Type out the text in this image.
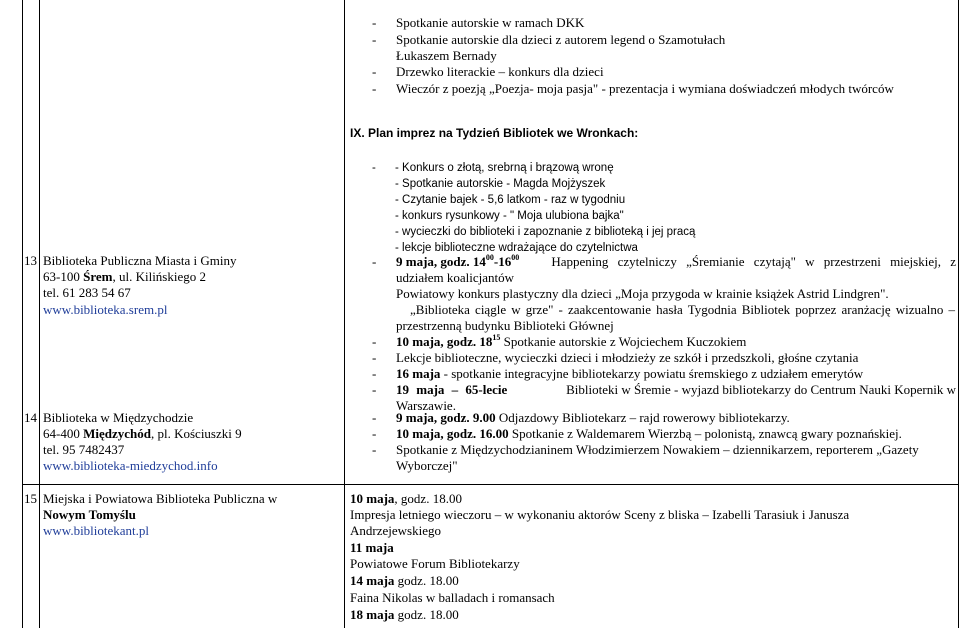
- Spotkanie autorskie w ramach DKK
- Spotkanie autorskie dla dzieci z autorem legend o Szamotułach
Łukaszem Bernady
- Drzewko literackie – konkurs dla dzieci
- Wieczór z poezją „Poezja- moja pasja" - prezentacja i wymiana doświadczeń młodych twórców
IX. Plan imprez na Tydzień Bibliotek we Wronkach:
- - Konkurs o złotą, srebrną i brązową wronę
- Spotkanie autorskie - Magda Mojżyszek
- Czytanie bajek - 5,6 latkom - raz w tygodniu
- konkurs rysunkowy - " Moja ulubiona bajka"
- wycieczki do biblioteki i zapoznanie z biblioteką i jej pracą
- lekcje biblioteczne wdrażające do czytelnictwa
13 Biblioteka Publiczna Miasta i Gminy
63-100 Śrem, ul. Kilińskiego 2
tel. 61 283 54 67
www.biblioteka.srem.pl
- 9 maja, godz. $14^{00}-16^{00}$ Happening czytelniczy „Śremianie czytają" w przestrzeni miejskiej, z
udziałem koalicjantów
Powiatowy konkurs plastyczny dla dzieci „Moja przygoda w krainie książek Astrid Lindgren".
„Biblioteka ciągle w grze" - zaakcentowanie hasła Tygodnia Bibliotek poprzez aranżację wizualno –
przestrzenną budynku Biblioteki Głównej
- 10 maja, godz. $18^{15}$ Spotkanie autorskie z Wojciechem Kuczokiem
- Lekcje biblioteczne, wycieczki dzieci i młodzieży ze szkół i przedszkoli, głośne czytania
- 16 maja - spotkanie integracyjne bibliotekarzy powiatu śremskiego z udziałem emerytów
- 19 maja – 65-lecie	Biblioteki w Śremie - wyjazd bibliotekarzy do Centrum Nauki Kopernik w
Warszawie.
14 Biblioteka w Międzychodzie
64-400 Międzychód, pl. Kościuszki 9
tel. 95 7482437
www.biblioteka-miedzychod.info
- 9 maja, godz. 9.00 Odjazdowy Bibliotekarz – rajd rowerowy bibliotekarzy.
- 10 maja, godz. 16.00 Spotkanie z Waldemarem Wierzbą – polonistą, znawcą gwary poznańskiej.
- Spotkanie z Międzychodzianinem Włodzimierzem Nowakiem – dziennikarzem, reporterem „Gazety
Wyborczej"
15 Miejska i Powiatowa Biblioteka Publiczna w
Nowym Tomyślu
www.bibliotekant.pl
10 maja, godz. 18.00
Impresja letniego wieczoru – w wykonaniu aktorów Sceny z bliska – Izabelli Tarasiuk i Janusza
Andrzejewskiego
11 maja
Powiatowe Forum Bibliotekarzy
14 maja godz. 18.00
Faina Nikolas w balladach i romansach
18 maja godz. 18.00
